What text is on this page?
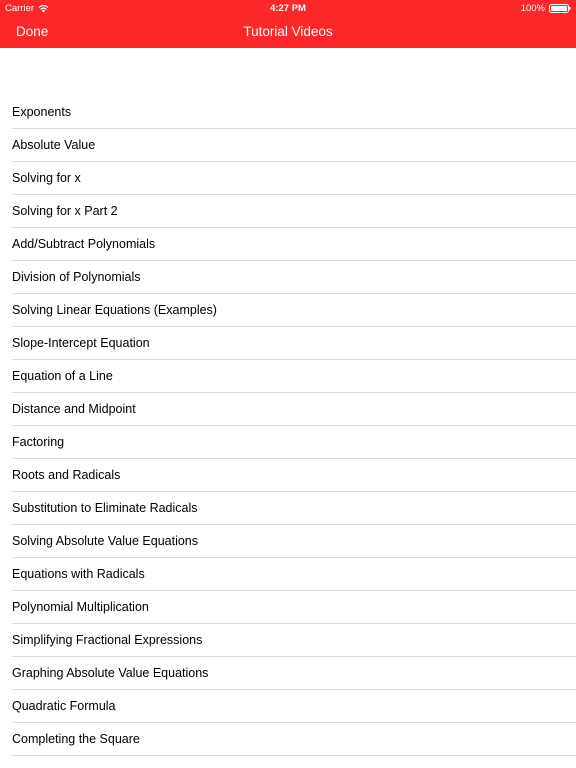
Carrier	4:27 PM	100%
Done	Tutorial Videos
Exponents
Absolute Value
Solving for x
Solving for x Part 2
Add/Subtract Polynomials
Division of Polynomials
Solving Linear Equations (Examples)
Slope-Intercept Equation
Equation of a Line
Distance and Midpoint
Factoring
Roots and Radicals
Substitution to Eliminate Radicals
Solving Absolute Value Equations
Equations with Radicals
Polynomial Multiplication
Simplifying Fractional Expressions
Graphing Absolute Value Equations
Quadratic Formula
Completing the Square
